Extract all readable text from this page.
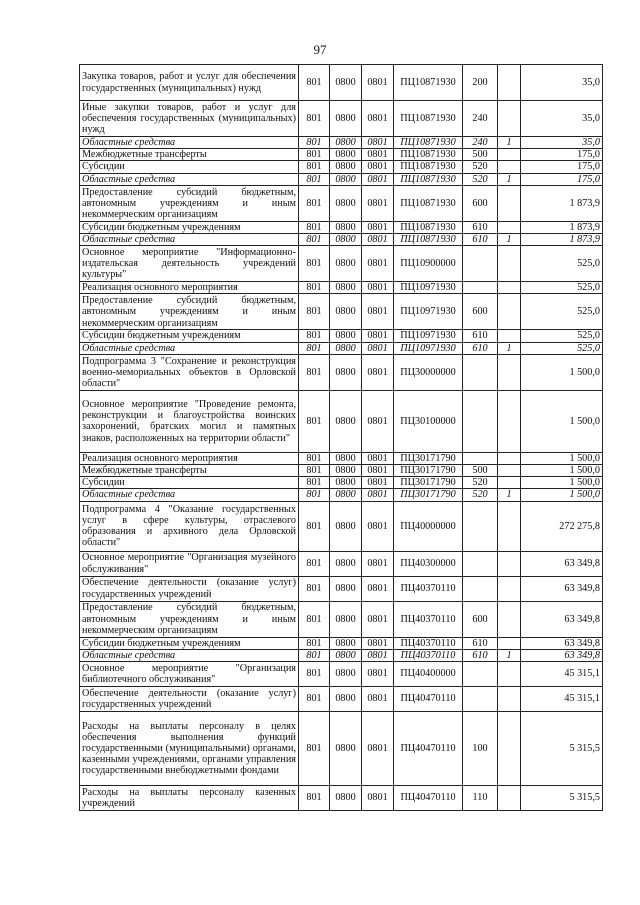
97
Закупка товаров, работ и услуг для обеспечения государственных (муниципальных) нужд	801	0800	0801	ПЦ10871930	200		35,0
Иные закупки товаров, работ и услуг для обеспечения государственных (муниципальных) нужд	801	0800	0801	ПЦ10871930	240		35,0
Областные средства	801	0800	0801	ПЦ10871930	240	1	35,0
Межбюджетные трансферты	801	0800	0801	ПЦ10871930	500		175,0
Субсидии	801	0800	0801	ПЦ10871930	520		175,0
Областные средства	801	0800	0801	ПЦ10871930	520	1	175,0
Предоставление субсидий бюджетным, автономным учреждениям и иным некоммерческим организациям	801	0800	0801	ПЦ10871930	600		1 873,9
Субсидии бюджетным учреждениям	801	0800	0801	ПЦ10871930	610		1 873,9
Областные средства	801	0800	0801	ПЦ10871930	610	1	1 873,9
Основное мероприятие "Информационно-издательская деятельность учреждений культуры"	801	0800	0801	ПЦ10900000			525,0
Реализация основного мероприятия	801	0800	0801	ПЦ10971930			525,0
Предоставление субсидий бюджетным, автономным учреждениям и иным некоммерческим организациям	801	0800	0801	ПЦ10971930	600		525,0
Субсидии бюджетным учреждениям	801	0800	0801	ПЦ10971930	610		525,0
Областные средства	801	0800	0801	ПЦ10971930	610	1	525,0
Подпрограмма 3 "Сохранение и реконструкция военно-мемориальных объектов в Орловской области"	801	0800	0801	ПЦ30000000			1 500,0
Основное мероприятие "Проведение ремонта, реконструкции и благоустройства воинских захоронений, братских могил и памятных знаков, расположенных на территории области"	801	0800	0801	ПЦ30100000			1 500,0
Реализация основного мероприятия	801	0800	0801	ПЦ30171790			1 500,0
Межбюджетные трансферты	801	0800	0801	ПЦ30171790	500		1 500,0
Субсидии	801	0800	0801	ПЦ30171790	520		1 500,0
Областные средства	801	0800	0801	ПЦ30171790	520	1	1 500,0
Подпрограмма 4 "Оказание государственных услуг в сфере культуры, отраслевого образования и архивного дела Орловской области"	801	0800	0801	ПЦ40000000			272 275,8
Основное мероприятие "Организация музейного обслуживания"	801	0800	0801	ПЦ40300000			63 349,8
Обеспечение деятельности (оказание услуг) государственных учреждений	801	0800	0801	ПЦ40370110			63 349,8
Предоставление субсидий бюджетным, автономным учреждениям и иным некоммерческим организациям	801	0800	0801	ПЦ40370110	600		63 349,8
Субсидии бюджетным учреждениям	801	0800	0801	ПЦ40370110	610		63 349,8
Областные средства	801	0800	0801	ПЦ40370110	610	1	63 349,8
Основное мероприятие "Организация библиотечного обслуживания"	801	0800	0801	ПЦ40400000			45 315,1
Обеспечение деятельности (оказание услуг) государственных учреждений	801	0800	0801	ПЦ40470110			45 315,1
Расходы на выплаты персоналу в целях обеспечения выполнения функций государственными (муниципальными) органами, казенными учреждениями, органами управления государственными внебюджетными фондами	801	0800	0801	ПЦ40470110	100		5 315,5
Расходы на выплаты персоналу казенных учреждений	801	0800	0801	ПЦ40470110	110		5 315,5
